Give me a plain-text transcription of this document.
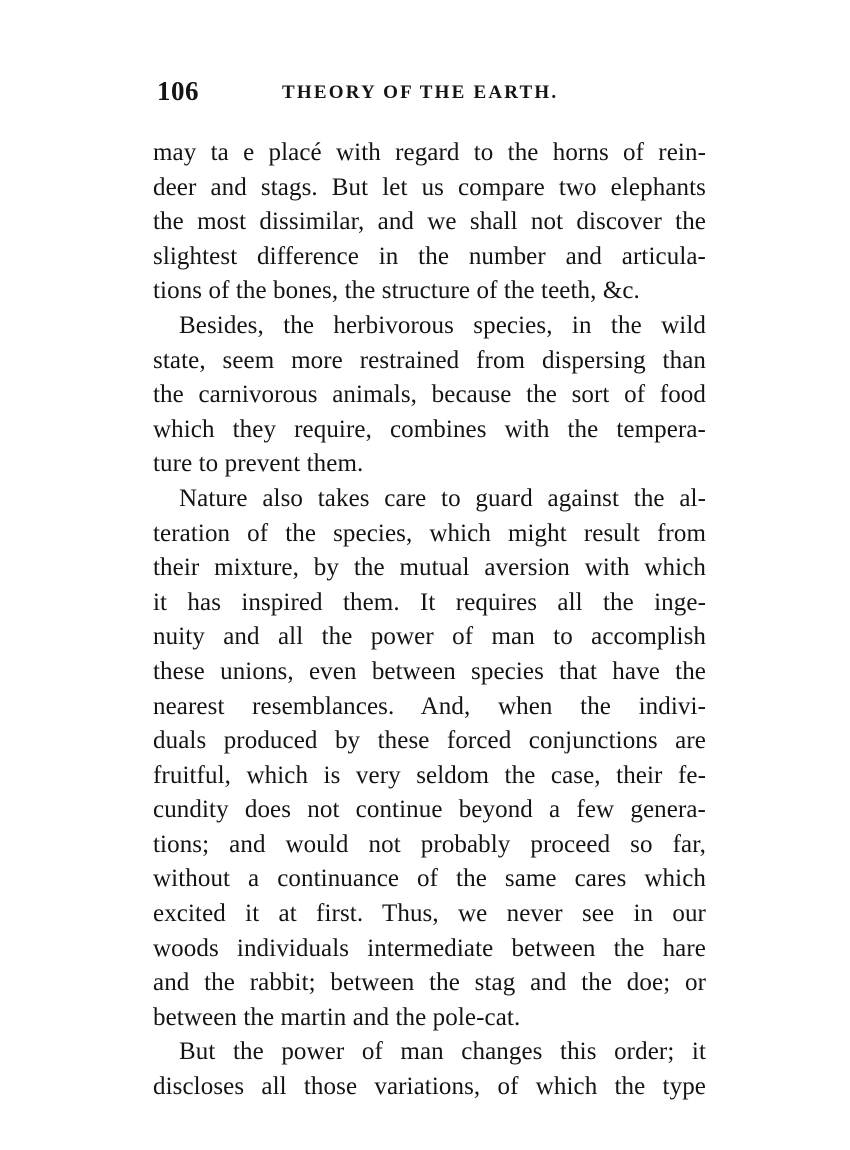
106	THEORY OF THE EARTH.
may ta e placé with regard to the horns of rein-
deer and stags. But let us compare two elephants
the most dissimilar, and we shall not discover the
slightest difference in the number and articula-
tions of the bones, the structure of the teeth, &c.
Besides, the herbivorous species, in the wild
state, seem more restrained from dispersing than
the carnivorous animals, because the sort of food
which they require, combines with the tempera-
ture to prevent them.
Nature also takes care to guard against the al-
teration of the species, which might result from
their mixture, by the mutual aversion with which
it has inspired them. It requires all the inge-
nuity and all the power of man to accomplish
these unions, even between species that have the
nearest resemblances. And, when the indivi-
duals produced by these forced conjunctions are
fruitful, which is very seldom the case, their fe-
cundity does not continue beyond a few genera-
tions; and would not probably proceed so far,
without a continuance of the same cares which
excited it at first. Thus, we never see in our
woods individuals intermediate between the hare
and the rabbit; between the stag and the doe; or
between the martin and the pole-cat.
But the power of man changes this order; it
discloses all those variations, of which the type
